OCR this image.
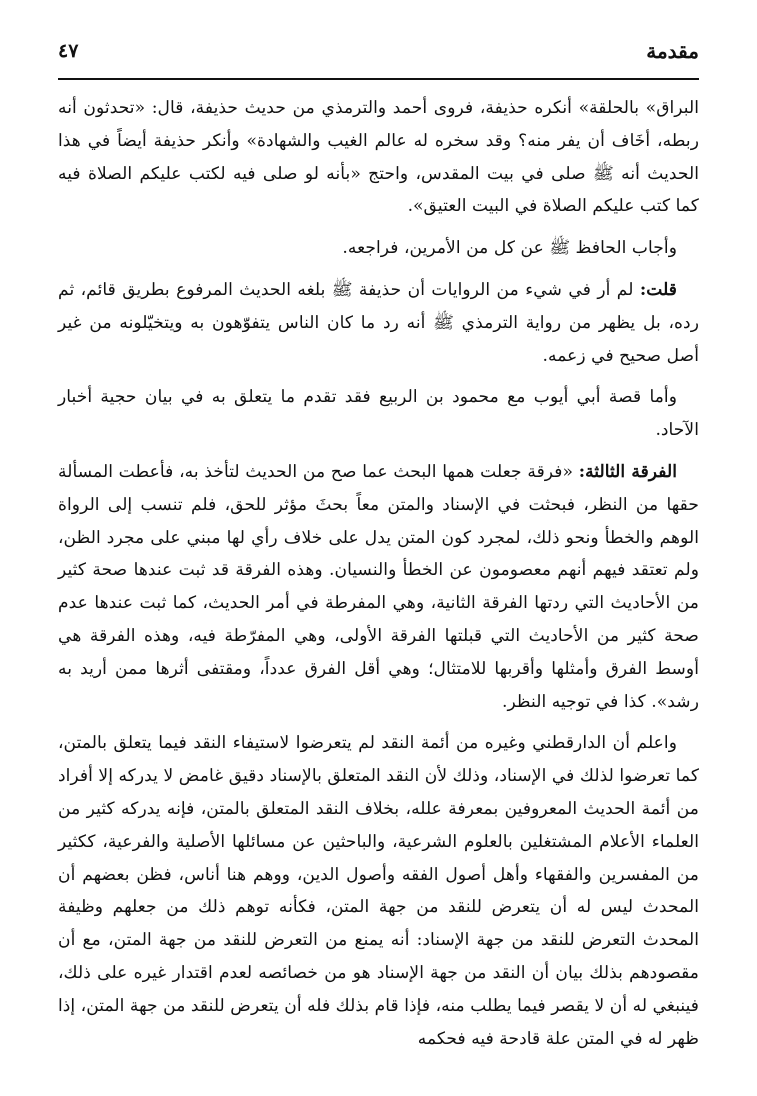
مقدمة
٤٧

البراق» بالحلقة» أنكره حذيفة، فروى أحمد والترمذي من حديث حذيفة، قال: «تحدثون أنه ربطه، أخَاف أن يفر منه؟ وقد سخره له عالم الغيب والشهادة» وأنكر حذيفة أيضاً في هذا الحديث أنه ﷺ صلى في بيت المقدس، واحتج «بأنه لو صلى فيه لكتب عليكم الصلاة فيه كما كتب عليكم الصلاة في البيت العتيق».

وأجاب الحافظ ﷺ عن كل من الأمرين، فراجعه.

قلت: لم أر في شيء من الروايات أن حذيفة ﷺ بلغه الحديث المرفوع بطريق قائم، ثم رده، بل يظهر من رواية الترمذي ﷺ أنه رد ما كان الناس يتفوّهون به ويتخيّلونه من غير أصل صحيح في زعمه.

وأما قصة أبي أيوب مع محمود بن الربيع فقد تقدم ما يتعلق به في بيان حجية أخبار الآحاد.

الفرقة الثالثة: «فرقة جعلت همها البحث عما صح من الحديث لتأخذ به، فأعطت المسألة حقها من النظر، فبحثت في الإسناد والمتن معاً بحثَ مؤثر للحق، فلم تنسب إلى الرواة الوهم والخطأ ونحو ذلك، لمجرد كون المتن يدل على خلاف رأي لها مبني على مجرد الظن، ولم تعتقد فيهم أنهم معصومون عن الخطأ والنسيان. وهذه الفرقة قد ثبت عندها صحة كثير من الأحاديث التي ردتها الفرقة الثانية، وهي المفرطة في أمر الحديث، كما ثبت عندها عدم صحة كثير من الأحاديث التي قبلتها الفرقة الأولى، وهي المفرّطة فيه، وهذه الفرقة هي أوسط الفرق وأمثلها وأقربها للامتثال؛ وهي أقل الفرق عدداً، ومقتفى أثرها ممن أريد به رشد». كذا في توجيه النظر.

واعلم أن الدارقطني وغيره من أئمة النقد لم يتعرضوا لاستيفاء النقد فيما يتعلق بالمتن، كما تعرضوا لذلك في الإسناد، وذلك لأن النقد المتعلق بالإسناد دقيق غامض لا يدركه إلا أفراد من أئمة الحديث المعروفين بمعرفة علله، بخلاف النقد المتعلق بالمتن، فإنه يدركه كثير من العلماء الأعلام المشتغلين بالعلوم الشرعية، والباحثين عن مسائلها الأصلية والفرعية، ككثير من المفسرين والفقهاء وأهل أصول الفقه وأصول الدين، ووهم هنا أناس، فظن بعضهم أن المحدث ليس له أن يتعرض للنقد من جهة المتن، فكأنه توهم ذلك من جعلهم وظيفة المحدث التعرض للنقد من جهة الإسناد: أنه يمنع من التعرض للنقد من جهة المتن، مع أن مقصودهم بذلك بيان أن النقد من جهة الإسناد هو من خصائصه لعدم اقتدار غيره على ذلك، فينبغي له أن لا يقصر فيما يطلب منه، فإذا قام بذلك فله أن يتعرض للنقد من جهة المتن، إذا ظهر له في المتن علة قادحة فيه فحكمه
